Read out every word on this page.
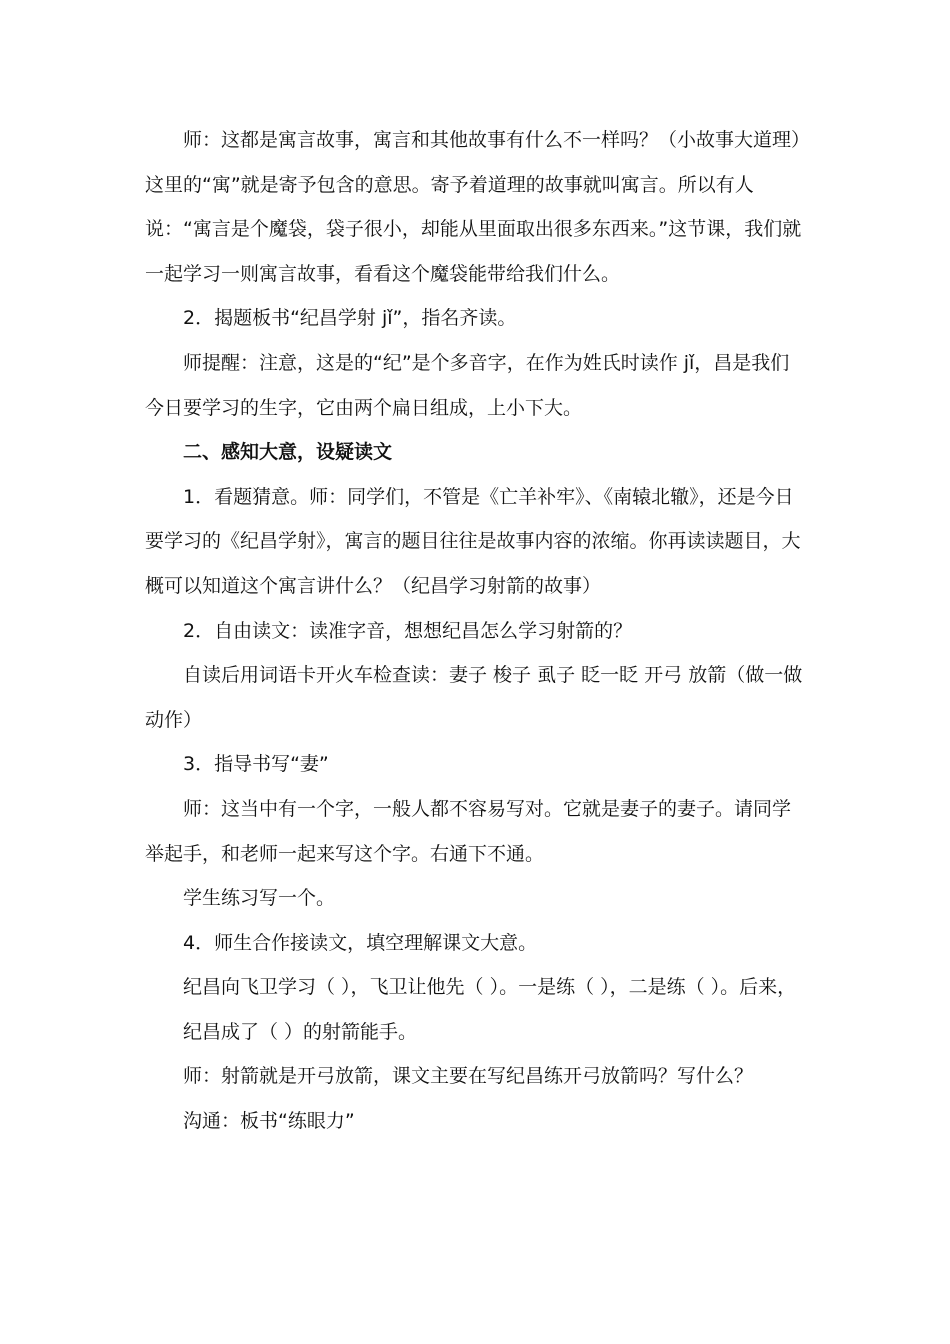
师：这都是寓言故事，寓言和其他故事有什么不一样吗？（小故事大道理）这里的“寓”就是寄予包含的意思。寄予着道理的故事就叫寓言。所以有人说：“寓言是个魔袋，袋子很小，却能从里面取出很多东西来。”这节课，我们就一起学习一则寓言故事，看看这个魔袋能带给我们什么。

2．揭题板书“纪昌学射 jǐ”，指名齐读。

师提醒：注意，这是的“纪”是个多音字，在作为姓氏时读作 jǐ，昌是我们今日要学习的生字，它由两个扁日组成，上小下大。

二、感知大意，设疑读文

1．看题猜意。师：同学们，不管是《亡羊补牢》、《南辕北辙》，还是今日要学习的《纪昌学射》，寓言的题目往往是故事内容的浓缩。你再读读题目，大概可以知道这个寓言讲什么？（纪昌学习射箭的故事）

2．自由读文：读准字音，想想纪昌怎么学习射箭的？

自读后用词语卡开火车检查读：妻子 梭子 虱子 眨一眨 开弓 放箭（做一做动作）

3．指导书写“妻”

师：这当中有一个字，一般人都不容易写对。它就是妻子的妻子。请同学举起手，和老师一起来写这个字。右通下不通。

学生练习写一个。

4．师生合作接读文，填空理解课文大意。

纪昌向飞卫学习（ ），飞卫让他先（ ）。一是练（ ），二是练（ ）。后来，

纪昌成了（ ）的射箭能手。

师：射箭就是开弓放箭，课文主要在写纪昌练开弓放箭吗？写什么？

沟通：板书“练眼力”
